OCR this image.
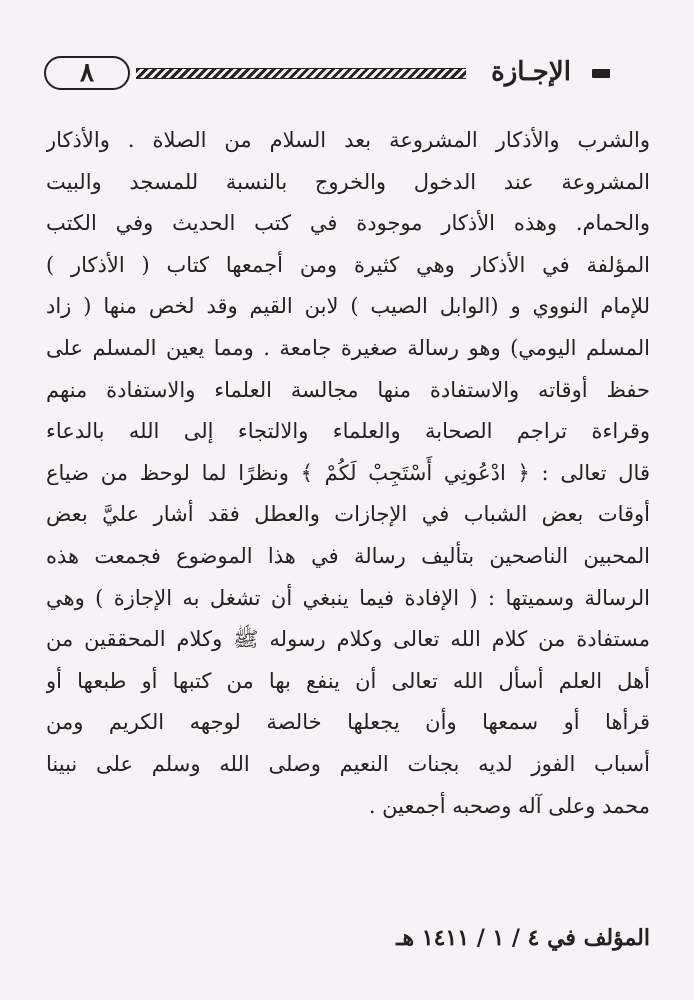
٨	الإجـازة
والشرب والأذكار المشروعة بعد السلام من الصلاة . والأذكار
المشروعة عند الدخول والخروج بالنسبة للمسجد والبيت
والحمام. وهذه الأذكار موجودة في كتب الحديث وفي الكتب
المؤلفة في الأذكار وهي كثيرة ومن أجمعها كتاب ( الأذكار )
للإمام النووي و (الوابل الصيب ) لابن القيم وقد لخص منها ( زاد
المسلم اليومي) وهو رسالة صغيرة جامعة . ومما يعين المسلم على
حفظ أوقاته والاستفادة منها مجالسة العلماء والاستفادة منهم
وقراءة تراجم الصحابة والعلماء والالتجاء إلى الله بالدعاء
قال تعالى : ﴿ ادْعُونِي أَسْتَجِبْ لَكُمْ ﴾ ونظرًا لما لوحظ من ضياع
أوقات بعض الشباب في الإجازات والعطل فقد أشار عليَّ بعض
المحبين الناصحين بتأليف رسالة في هذا الموضوع فجمعت هذه
الرسالة وسميتها : ( الإفادة فيما ينبغي أن تشغل به الإجازة ) وهي
مستفادة من كلام الله تعالى وكلام رسوله ﷺ وكلام المحققين من
أهل العلم أسأل الله تعالى أن ينفع بها من كتبها أو طبعها أو
قرأها أو سمعها وأن يجعلها خالصة لوجهه الكريم ومن
أسباب الفوز لديه بجنات النعيم وصلى الله وسلم على نبينا
محمد وعلى آله وصحبه أجمعين .
المؤلف في ٤ / ١ / ١٤١١ هـ
